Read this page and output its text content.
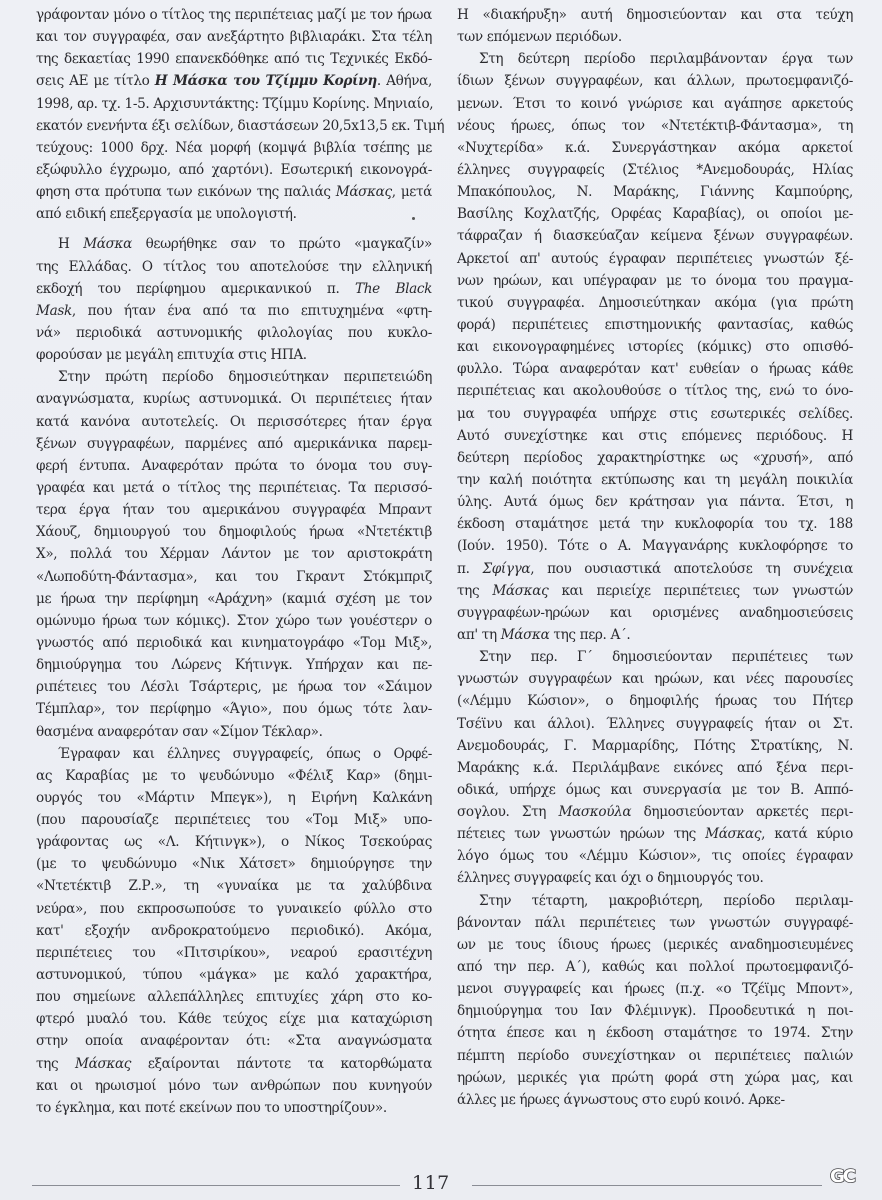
γράφονταν μόνο ο τίτλος της περιπέτειας μαζί με τον ήρωα
και τον συγγραφέα, σαν ανεξάρτητο βιβλιαράκι. Στα τέλη
της δεκαετίας 1990 επανεκδόθηκε από τις Τεχνικές Εκδό-
σεις ΑΕ με τίτλο Η Μάσκα του Τζίμμυ Κορίνη. Αθήνα,
1998, αρ. τχ. 1-5. Αρχισυντάκτης: Τζίμμυ Κορίνης. Μηνιαίο,
εκατόν ενενήντα έξι σελίδων, διαστάσεων 20,5x13,5 εκ. Τιμή
τεύχους: 1000 δρχ. Νέα μορφή (κομψά βιβλία τσέπης με
εξώφυλλο έγχρωμο, από χαρτόνι). Εσωτερική εικονογρά-
φηση στα πρότυπα των εικόνων της παλιάς Μάσκας, μετά
από ειδική επεξεργασία με υπολογιστή.
Η Μάσκα θεωρήθηκε σαν το πρώτο «μαγκαζίν»
της Ελλάδας. Ο τίτλος του αποτελούσε την ελληνική
εκδοχή του περίφημου αμερικανικού π. The Black
Mask, που ήταν ένα από τα πιο επιτυχημένα «φτη-
νά» περιοδικά αστυνομικής φιλολογίας που κυκλο-
φορούσαν με μεγάλη επιτυχία στις ΗΠΑ.
Στην πρώτη περίοδο δημοσιεύτηκαν περιπετειώδη
αναγνώσματα, κυρίως αστυνομικά. Οι περιπέτειες ήταν
κατά κανόνα αυτοτελείς. Οι περισσότερες ήταν έργα
ξένων συγγραφέων, παρμένες από αμερικάνικα παρεμ-
φερή έντυπα. Αναφερόταν πρώτα το όνομα του συγ-
γραφέα και μετά ο τίτλος της περιπέτειας. Τα περισσό-
τερα έργα ήταν του αμερικάνου συγγραφέα Μπραντ
Χάουζ, δημιουργού του δημοφιλούς ήρωα «Ντετέκτιβ
Χ», πολλά του Χέρμαν Λάντον με τον αριστοκράτη
«Λωποδύτη-Φάντασμα», και του Γκραντ Στόκμπριζ
με ήρωα την περίφημη «Αράχνη» (καμιά σχέση με τον
ομώνυμο ήρωα των κόμικς). Στον χώρο των γουέστερν ο
γνωστός από περιοδικά και κινηματογράφο «Τομ Μιξ»,
δημιούργημα του Λώρενς Κήτινγκ. Υπήρχαν και πε-
ριπέτειες του Λέσλι Τσάρτερις, με ήρωα τον «Σάιμον
Τέμπλαρ», τον περίφημο «Άγιο», που όμως τότε λαν-
θασμένα αναφερόταν σαν «Σίμον Τέκλαρ».
Έγραφαν και έλληνες συγγραφείς, όπως ο Ορφέ-
ας Καραβίας με το ψευδώνυμο «Φέλιξ Καρ» (δημι-
ουργός του «Μάρτιν Μπεγκ»), η Ειρήνη Καλκάνη
(που παρουσίαζε περιπέτειες του «Τομ Μιξ» υπο-
γράφοντας ως «Λ. Κήτινγκ»), ο Νίκος Τσεκούρας
(με το ψευδώνυμο «Νικ Χάτσετ» δημιούργησε την
«Ντετέκτιβ Ζ.Ρ.», τη «γυναίκα με τα χαλύβδινα
νεύρα», που εκπροσωπούσε το γυναικείο φύλλο στο
κατ' εξοχήν ανδροκρατούμενο περιοδικό). Ακόμα,
περιπέτειες του «Πιτσιρίκου», νεαρού ερασιτέχνη
αστυνομικού, τύπου «μάγκα» με καλό χαρακτήρα,
που σημείωνε αλλεπάλληλες επιτυχίες χάρη στο κο-
φτερό μυαλό του. Κάθε τεύχος είχε μια καταχώριση
στην οποία αναφέρονταν ότι: «Στα αναγνώσματα
της Μάσκας εξαίρονται πάντοτε τα κατορθώματα
και οι ηρωισμοί μόνο των ανθρώπων που κυνηγούν
το έγκλημα, και ποτέ εκείνων που το υποστηρίζουν».
Η «διακήρυξη» αυτή δημοσιεύονταν και στα τεύχη
των επόμενων περιόδων.
Στη δεύτερη περίοδο περιλαμβάνονταν έργα των
ίδιων ξένων συγγραφέων, και άλλων, πρωτοεμφανιζό-
μενων. Έτσι το κοινό γνώρισε και αγάπησε αρκετούς
νέους ήρωες, όπως τον «Ντετέκτιβ-Φάντασμα», τη
«Νυχτερίδα» κ.ά. Συνεργάστηκαν ακόμα αρκετοί
έλληνες συγγραφείς (Στέλιος *Ανεμοδουράς, Ηλίας
Μπακόπουλος, Ν. Μαράκης, Γιάννης Καμπούρης,
Βασίλης Κοχλατζής, Ορφέας Καραβίας), οι οποίοι με-
τάφραζαν ή διασκεύαζαν κείμενα ξένων συγγραφέων.
Αρκετοί απ' αυτούς έγραφαν περιπέτειες γνωστών ξέ-
νων ηρώων, και υπέγραφαν με το όνομα του πραγμα-
τικού συγγραφέα. Δημοσιεύτηκαν ακόμα (για πρώτη
φορά) περιπέτειες επιστημονικής φαντασίας, καθώς
και εικονογραφημένες ιστορίες (κόμικς) στο οπισθό-
φυλλο. Τώρα αναφερόταν κατ' ευθείαν ο ήρωας κάθε
περιπέτειας και ακολουθούσε ο τίτλος της, ενώ το όνο-
μα του συγγραφέα υπήρχε στις εσωτερικές σελίδες.
Αυτό συνεχίστηκε και στις επόμενες περιόδους. Η
δεύτερη περίοδος χαρακτηρίστηκε ως «χρυσή», από
την καλή ποιότητα εκτύπωσης και τη μεγάλη ποικιλία
ύλης. Αυτά όμως δεν κράτησαν για πάντα. Έτσι, η
έκδοση σταμάτησε μετά την κυκλοφορία του τχ. 188
(Ιούν. 1950). Τότε ο Α. Μαγγανάρης κυκλοφόρησε το
π. Σφίγγα, που ουσιαστικά αποτελούσε τη συνέχεια
της Μάσκας και περιείχε περιπέτειες των γνωστών
συγγραφέων-ηρώων και ορισμένες αναδημοσιεύσεις
απ' τη Μάσκα της περ. Α΄.
Στην περ. Γ΄ δημοσιεύονταν περιπέτειες των
γνωστών συγγραφέων και ηρώων, και νέες παρουσίες
(«Λέμμυ Κώσιον», ο δημοφιλής ήρωας του Πήτερ
Τσέϊνυ και άλλοι). Έλληνες συγγραφείς ήταν οι Στ.
Ανεμοδουράς, Γ. Μαρμαρίδης, Πότης Στρατίκης, Ν.
Μαράκης κ.ά. Περιλάμβανε εικόνες από ξένα περι-
οδικά, υπήρχε όμως και συνεργασία με τον Β. Αππό-
σογλου. Στη Μασκούλα δημοσιεύονταν αρκετές περι-
πέτειες των γνωστών ηρώων της Μάσκας, κατά κύριο
λόγο όμως του «Λέμμυ Κώσιον», τις οποίες έγραφαν
έλληνες συγγραφείς και όχι ο δημιουργός του.
Στην τέταρτη, μακροβιότερη, περίοδο περιλαμ-
βάνονταν πάλι περιπέτειες των γνωστών συγγραφέ-
ων με τους ίδιους ήρωες (μερικές αναδημοσιευμένες
από την περ. Α΄), καθώς και πολλοί πρωτοεμφανιζό-
μενοι συγγραφείς και ήρωες (π.χ. «ο Τζέϊμς Μποντ»,
δημιούργημα του Ιαν Φλέμινγκ). Προοδευτικά η ποι-
ότητα έπεσε και η έκδοση σταμάτησε το 1974. Στην
πέμπτη περίοδο συνεχίστηκαν οι περιπέτειες παλιών
ηρώων, μερικές για πρώτη φορά στη χώρα μας, και
άλλες με ήρωες άγνωστους στο ευρύ κοινό. Αρκε-
117	GC
